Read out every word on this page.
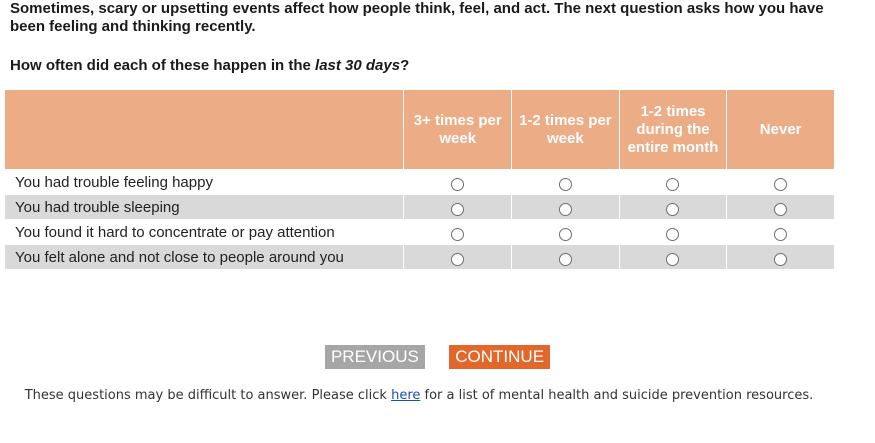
Sometimes, scary or upsetting events affect how people think, feel, and act. The next question asks how you have been feeling and thinking recently.
How often did each of these happen in the last 30 days?
	3+ times per week	1-2 times per week	1-2 times during the entire month	Never
You had trouble feeling happy				
You had trouble sleeping				
You found it hard to concentrate or pay attention				
You felt alone and not close to people around you				
PREVIOUS CONTINUE
These questions may be difficult to answer. Please click here for a list of mental health and suicide prevention resources.
